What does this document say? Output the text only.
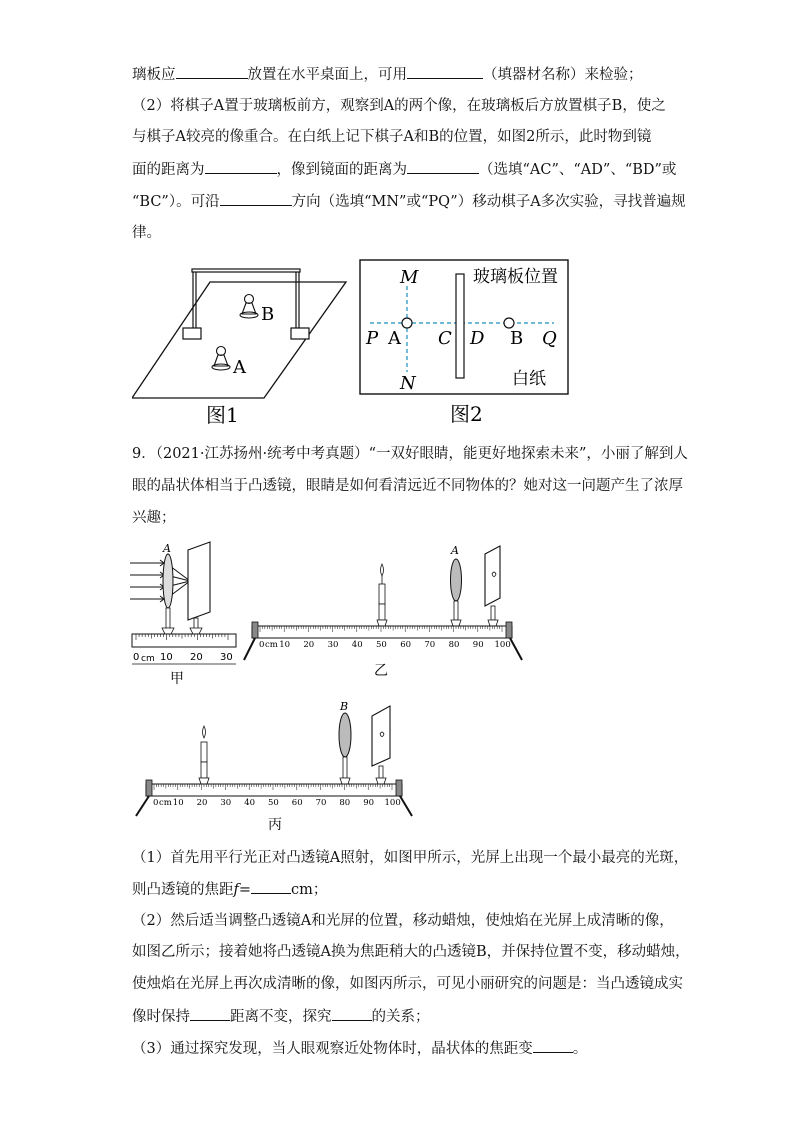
璃板应	放置在水平桌面上，可用	（填器材名称）来检验；
（2）将棋子A置于玻璃板前方，观察到A的两个像，在玻璃板后方放置棋子B，使之
与棋子A较亮的像重合。在白纸上记下棋子A和B的位置，如图2所示，此时物到镜
面的距离为	，像到镜面的距离为	（选填“AC”、“AD”、“BD”或
“BC”）。可沿	方向（选填“MN”或“PQ”）移动棋子A多次实验，寻找普遍规
律。
B
A
图1
M
N
P A C D B Q
玻璃板位置
白纸
图2
9．（2021·江苏扬州·统考中考真题）“一双好眼睛，能更好地探索未来”，小丽了解到人
眼的晶状体相当于凸透镜，眼睛是如何看清远近不同物体的？她对这一问题产生了浓厚
兴趣；
A
0 cm 10 20 30
甲
A
0 cm 10 20 30 40 50 60 70 80 90 100
乙
B
0 cm 10 20 30 40 50 60 70 80 90 100
丙
（1）首先用平行光正对凸透镜A照射，如图甲所示，光屏上出现一个最小最亮的光斑，
则凸透镜的焦距f=	cm；
（2）然后适当调整凸透镜A和光屏的位置，移动蜡烛，使烛焰在光屏上成清晰的像，
如图乙所示；接着她将凸透镜A换为焦距稍大的凸透镜B，并保持位置不变，移动蜡烛，
使烛焰在光屏上再次成清晰的像，如图丙所示，可见小丽研究的问题是：当凸透镜成实
像时保持	距离不变，探究	的关系；
（3）通过探究发现，当人眼观察近处物体时，晶状体的焦距变	。
